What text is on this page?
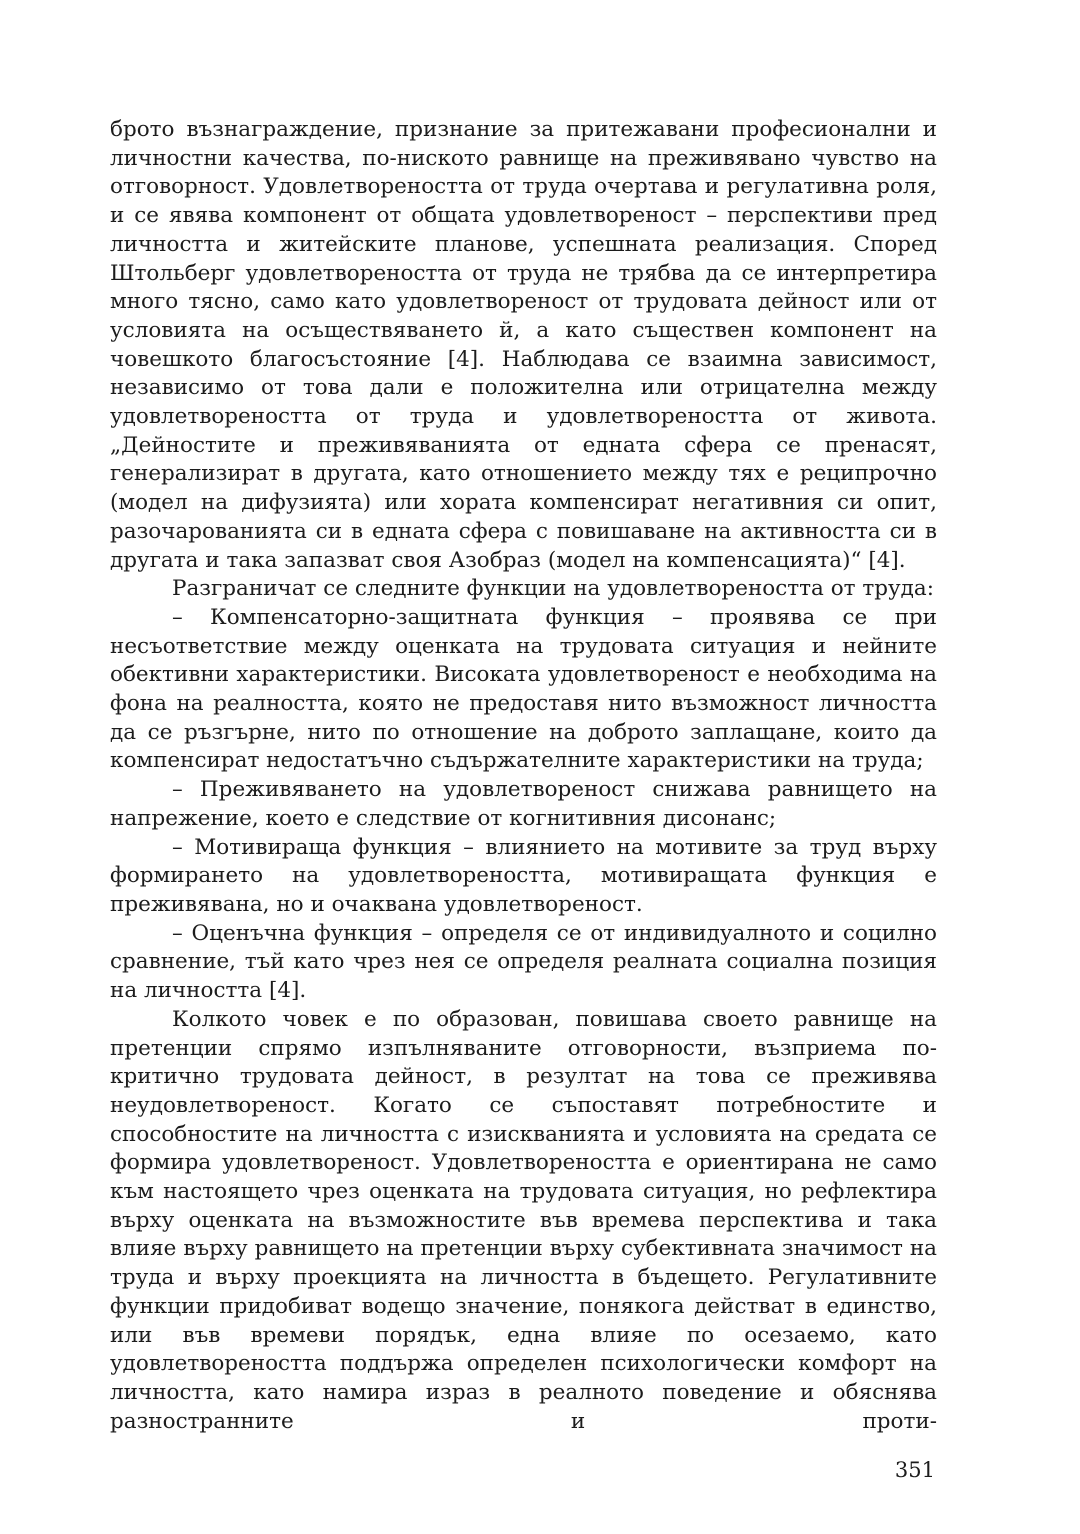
брото възнаграждение, признание за притежавани професионални и личностни качества, по-ниското равнище на преживявано чувство на отговорност. Удовлетвореността от труда очертава и регулативна роля, и се явява компонент от общата удовлетвореност – перспективи пред личността и житейските планове, успешната реализация. Според Штольберг удовлетвореността от труда не трябва да се интерпретира много тясно, само като удовлетвореност от трудовата дейност или от условията на осъществяването й, а като съществен компонент на човешкото благосъстояние [4]. Наблюдава се взаимна зависимост, независимо от това дали е положителна или отрицателна между удовлетвореността от труда и удовлетвореността от живота. „Дейностите и преживяванията от едната сфера се пренасят, генерализират в другата, като отношението между тях е реципрочно (модел на дифузията) или хората компенсират негативния си опит, разочарованията си в едната сфера с повишаване на активността си в другата и така запазват своя Азобраз (модел на компенсацията)“ [4].

Разграничат се следните функции на удовлетвореността от труда:

– Компенсаторно-защитната функция – проявява се при несъответствие между оценката на трудовата ситуация и нейните обективни характеристики. Високата удовлетвореност е необходима на фона на реалността, която не предоставя нито възможност личността да се ръзгърне, нито по отношение на доброто заплащане, които да компенсират недостатъчно съдържателните характеристики на труда;

– Преживяването на удовлетвореност снижава равнището на напрежение, което е следствие от когнитивния дисонанс;

– Мотивираща функция – влиянието на мотивите за труд върху формирането на удовлетвореността, мотивиращата функция е преживявана, но и очаквана удовлетвореност.

– Оценъчна функция – определя се от индивидуалното и социлно сравнение, тъй като чрез нея се определя реалната социална позиция на личността [4].

Колкото човек е по образован, повишава своето равнище на претенции спрямо изпълняваните отговорности, възприема по-критично трудовата дейност, в резултат на това се преживява неудовлетвореност. Когато се съпоставят потребностите и способностите на личността с изискванията и условията на средата се формира удовлетвореност. Удовлетвореността е ориентирана не само към настоящето чрез оценката на трудовата ситуация, но рефлектира върху оценката на възможностите във времева перспектива и така влияе върху равнището на претенции върху субективната значимост на труда и върху проекцията на личността в бъдещето. Регулативните функции придобиват водещо значение, понякога действат в единство, или във времеви порядък, една влияе по осезаемо, като удовлетвореността поддържа определен психологически комфорт на личността, като намира израз в реалното поведение и обяснява разностранните и проти-

351
